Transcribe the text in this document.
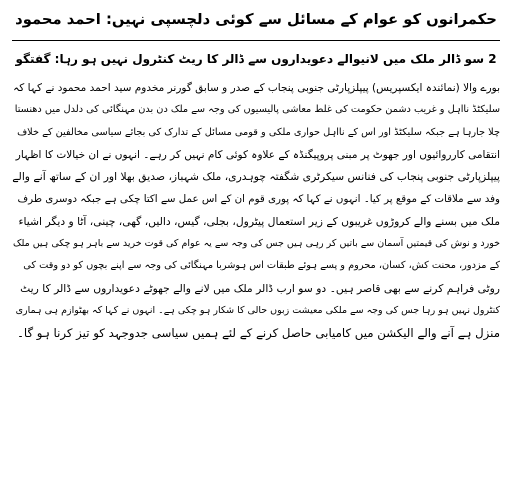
حکمرانوں کو عوام کے مسائل سے کوئی دلچسپی نہیں: احمد محمود
2 سو ڈالر ملک میں لانیوالے دعویداروں سے ڈالر کا ریٹ کنٹرول نہیں ہو رہا: گفتگو
بورے والا (نمائندہ ایکسپریس) پیپلزپارٹی جنوبی پنجاب کے صدر و سابق گورنر مخدوم سید احمد محمود نے کہا کہ
سلیکٹڈ نااہل و غریب دشمن حکومت کی غلط معاشی پالیسیوں کی وجہ سے ملک دن بدن مہنگائی کی دلدل میں دھنستا
چلا جارہا ہے جبکہ سلیکٹڈ اور اس کے نااہل حواری ملکی و قومی مسائل کے تدارک کی بجائے سیاسی مخالفین کے خلاف
انتقامی کارروائیوں اور جھوٹ پر مبنی پروپیگنڈہ کے علاوہ کوئی کام نہیں کر رہے۔ انہوں نے ان خیالات کا اظہار
پیپلزپارٹی جنوبی پنجاب کی فنانس سیکرٹری شگفتہ چوہدری، ملک شہباز، صدیق بھلا اور ان کے ساتھ آنے والے
وفد سے ملاقات کے موقع پر کیا۔ انہوں نے کہا کہ پوری قوم ان کے اس عمل سے اکتا چکی ہے جبکہ دوسری طرف
ملک میں بسنے والے کروڑوں غریبوں کے زیر استعمال پیٹرول، بجلی، گیس، دالیں، گھی، چینی، آٹا و دیگر اشیاء
خورد و نوش کی قیمتیں آسمان سے باتیں کر رہی ہیں جس کی وجہ سے یہ عوام کی قوت خرید سے باہر ہو چکی ہیں ملک
کے مزدور، محنت کش، کسان، محروم و پسے ہوئے طبقات اس ہوشربا مہنگائی کی وجہ سے اپنے بچوں کو دو وقت کی
روٹی فراہم کرنے سے بھی قاصر ہیں۔ دو سو ارب ڈالر ملک میں لانے والے جھوٹے دعویداروں سے ڈالر کا ریٹ
کنٹرول نہیں ہو رہا جس کی وجہ سے ملکی معیشت زبوں حالی کا شکار ہو چکی ہے۔ انہوں نے کہا کہ بھٹوازم ہی ہماری
منزل ہے آنے والے الیکشن میں کامیابی حاصل کرنے کے لئے ہمیں سیاسی جدوجہد کو تیز کرنا ہو گا۔
